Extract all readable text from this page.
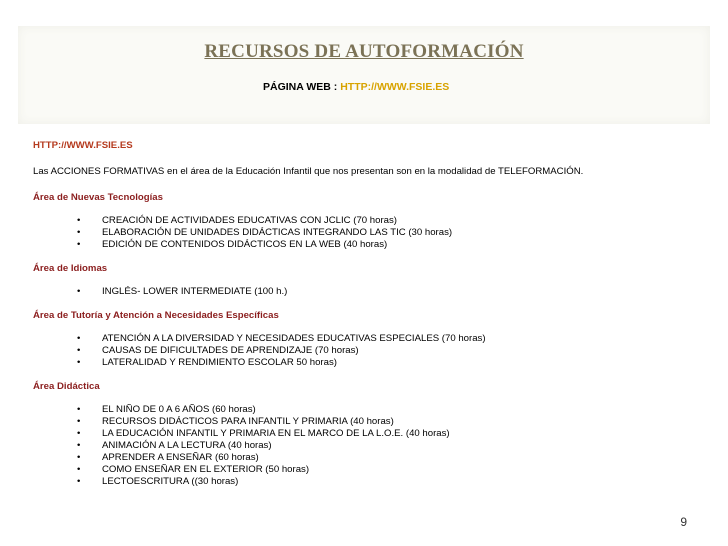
RECURSOS DE AUTOFORMACIÓN
PÁGINA WEB : HTTP://WWW.FSIE.ES
HTTP://WWW.FSIE.ES
Las ACCIONES FORMATIVAS en el área de la Educación Infantil que nos presentan son en la modalidad de TELEFORMACIÓN.
Área de Nuevas Tecnologías
• CREACIÓN DE ACTIVIDADES EDUCATIVAS CON JCLIC (70 horas)
• ELABORACIÓN DE UNIDADES DIDÁCTICAS INTEGRANDO LAS TIC (30 horas)
• EDICIÓN DE CONTENIDOS DIDÁCTICOS EN LA WEB (40 horas)
Área de Idiomas
• INGLÉS- LOWER INTERMEDIATE (100 h.)
Área de Tutoría y Atención a Necesidades Específicas
• ATENCIÓN A LA DIVERSIDAD Y NECESIDADES EDUCATIVAS ESPECIALES (70 horas)
• CAUSAS DE DIFICULTADES DE APRENDIZAJE (70 horas)
• LATERALIDAD Y RENDIMIENTO ESCOLAR 50 horas)
Área Didáctica
• EL NIÑO DE 0 A 6 AÑOS (60 horas)
• RECURSOS DIDÁCTICOS PARA INFANTIL Y PRIMARIA (40 horas)
• LA EDUCACIÓN INFANTIL Y PRIMARIA EN EL MARCO DE LA L.O.E. (40 horas)
• ANIMACIÓN A LA LECTURA (40 horas)
• APRENDER A ENSEÑAR (60 horas)
• COMO ENSEÑAR EN EL EXTERIOR (50 horas)
• LECTOESCRITURA ((30 horas)
9
